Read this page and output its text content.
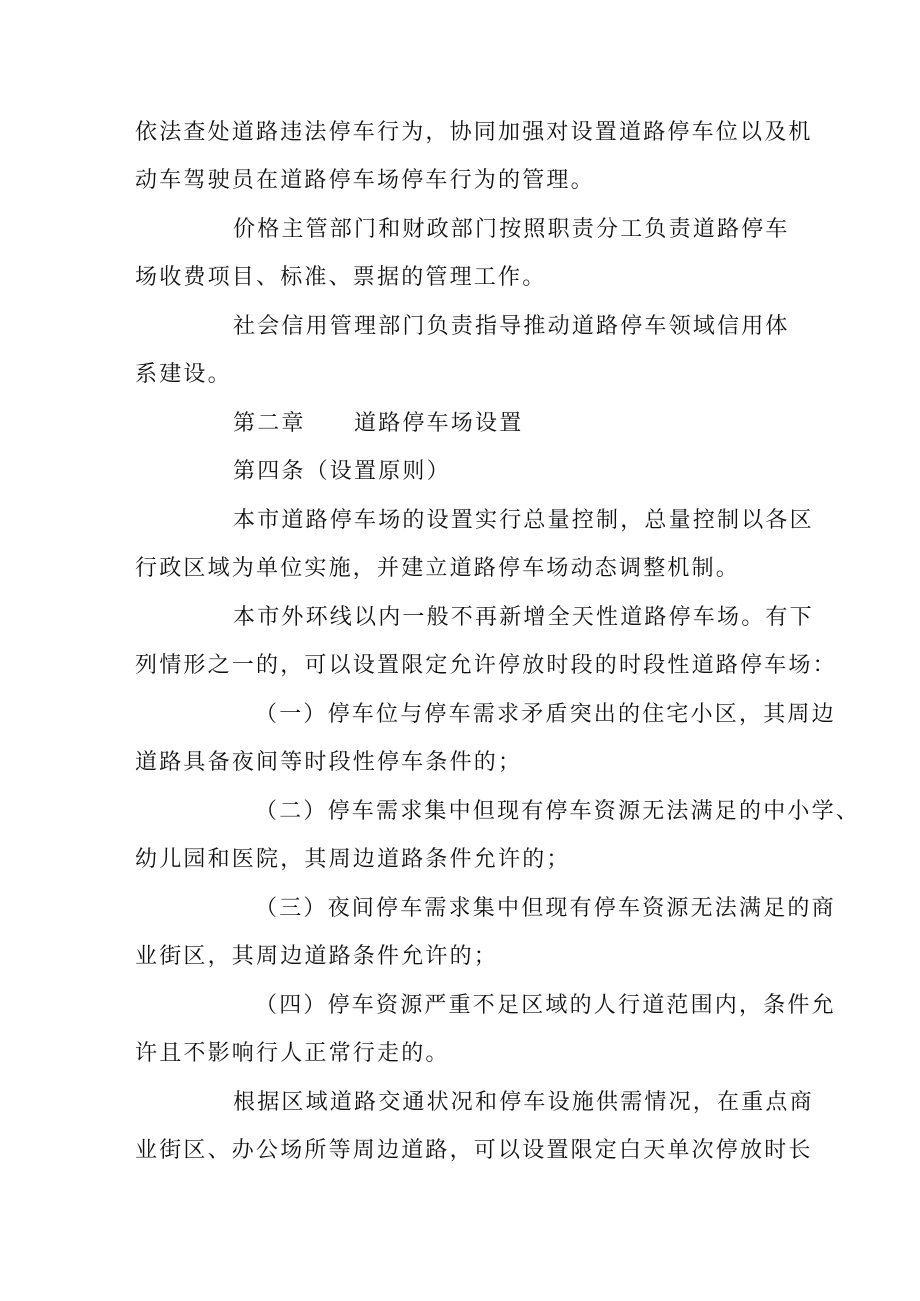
依法查处道路违法停车行为，协同加强对设置道路停车位以及机
动车驾驶员在道路停车场停车行为的管理。
价格主管部门和财政部门按照职责分工负责道路停车
场收费项目、标准、票据的管理工作。
社会信用管理部门负责指导推动道路停车领域信用体
系建设。
第二章　　道路停车场设置
第四条（设置原则）
本市道路停车场的设置实行总量控制，总量控制以各区
行政区域为单位实施，并建立道路停车场动态调整机制。
本市外环线以内一般不再新增全天性道路停车场。有下
列情形之一的，可以设置限定允许停放时段的时段性道路停车场：
（一）停车位与停车需求矛盾突出的住宅小区，其周边
道路具备夜间等时段性停车条件的；
（二）停车需求集中但现有停车资源无法满足的中小学、
幼儿园和医院，其周边道路条件允许的；
（三）夜间停车需求集中但现有停车资源无法满足的商
业街区，其周边道路条件允许的；
（四）停车资源严重不足区域的人行道范围内，条件允
许且不影响行人正常行走的。
根据区域道路交通状况和停车设施供需情况，在重点商
业街区、办公场所等周边道路，可以设置限定白天单次停放时长
